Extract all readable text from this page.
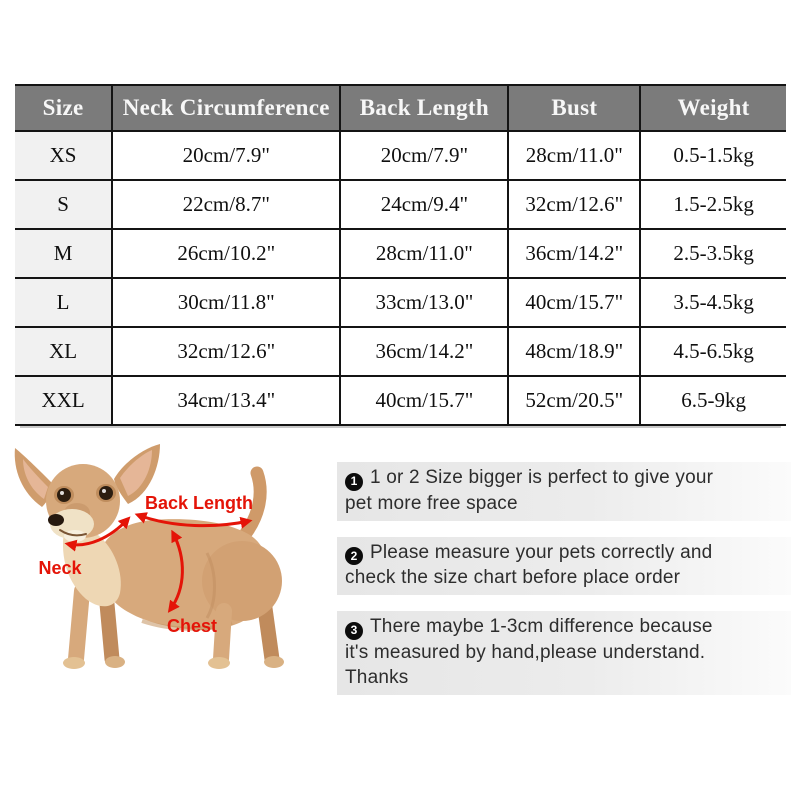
Size	Neck Circumference	Back Length	Bust	Weight
XS	20cm/7.9"	20cm/7.9"	28cm/11.0"	0.5-1.5kg
S	22cm/8.7"	24cm/9.4"	32cm/12.6"	1.5-2.5kg
M	26cm/10.2"	28cm/11.0"	36cm/14.2"	2.5-3.5kg
L	30cm/11.8"	33cm/13.0"	40cm/15.7"	3.5-4.5kg
XL	32cm/12.6"	36cm/14.2"	48cm/18.9"	4.5-6.5kg
XXL	34cm/13.4"	40cm/15.7"	52cm/20.5"	6.5-9kg
Back Length
Neck
Chest
1 1 or 2 Size bigger is perfect to give your
pet more free space
2 Please measure your pets correctly and
check the size chart before place order
3 There maybe 1-3cm difference because
it's measured by hand,please understand.
Thanks
